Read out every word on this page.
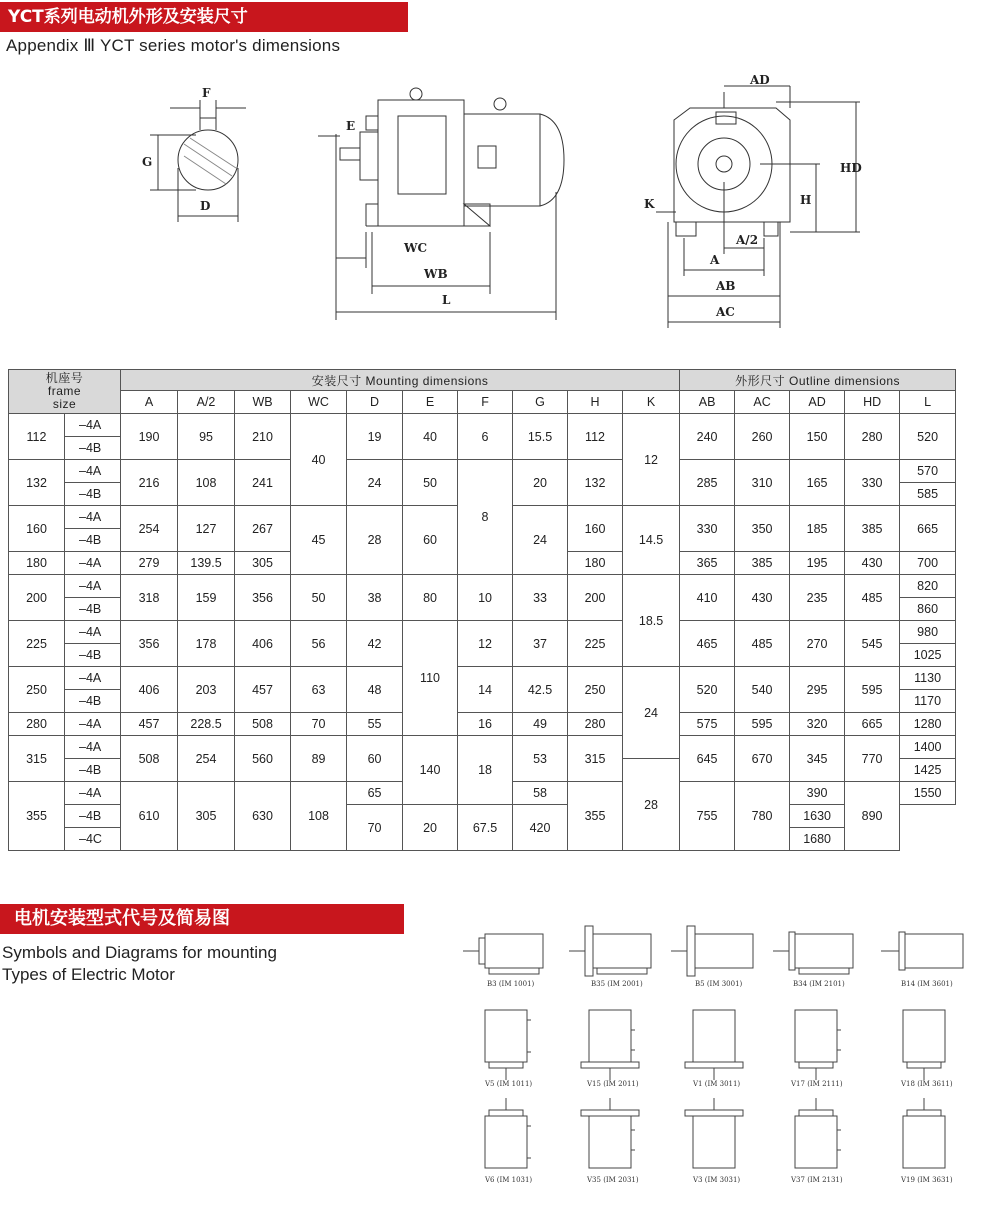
YCT系列电动机外形及安装尺寸
Appendix Ⅲ YCT series motor's dimensions
F
G
D
E
WC
WB
L
AD
HD
H
K
A/2
A
AB
AC
机座号
frame
size		安装尺寸 Mounting dimensions										外形尺寸 Outline dimensions				
		A	A/2	WB	WC	D	E	F	G	H	K	AB	AC	AD	HD	L
112	–4A	190	95	210	40	19	40	6	15.5	112	12	240	260	150	280	520
	–4B															
132	–4A	216	108	241		24	50	8	20	132		285	310	165	330	570
	–4B															585
160	–4A	254	127	267	45	28	60		24	160	14.5	330	350	185	385	665
	–4B															
180	–4A	279	139.5	305						180		365	385	195	430	700
200	–4A	318	159	356	50	38	80	10	33	200	18.5	410	430	235	485	820
	–4B															860
225	–4A	356	178	406	56	42	110	12	37	225		465	485	270	545	980
	–4B															1025
250	–4A	406	203	457	63	48		14	42.5	250	24	520	540	295	595	1130
	–4B															1170
280	–4A	457	228.5	508	70	55		16	49	280		575	595	320	665	1280
315	–4A	508	254	560	89	60	140	18	53	315		645	670	345	770	1400
	–4B										28					1425
355	–4A	610	305	630	108	65			58	355		755	780	390	890	1550
	–4B					70	20	67.5	420					1630		
	–4C													1680		
电机安装型式代号及简易图
Symbols and Diagrams for mounting
Types of Electric Motor	B3 (IM 1001)	B35 (IM 2001)	B5 (IM 3001)	B34 (IM 2101)	B14 (IM 3601)
V5 (IM 1011)	V15 (IM 2011)	V1 (IM 3011)	V17 (IM 2111)	V18 (IM 3611)
V6 (IM 1031)	V35 (IM 2031)	V3 (IM 3031)	V37 (IM 2131)	V19 (IM 3631)
